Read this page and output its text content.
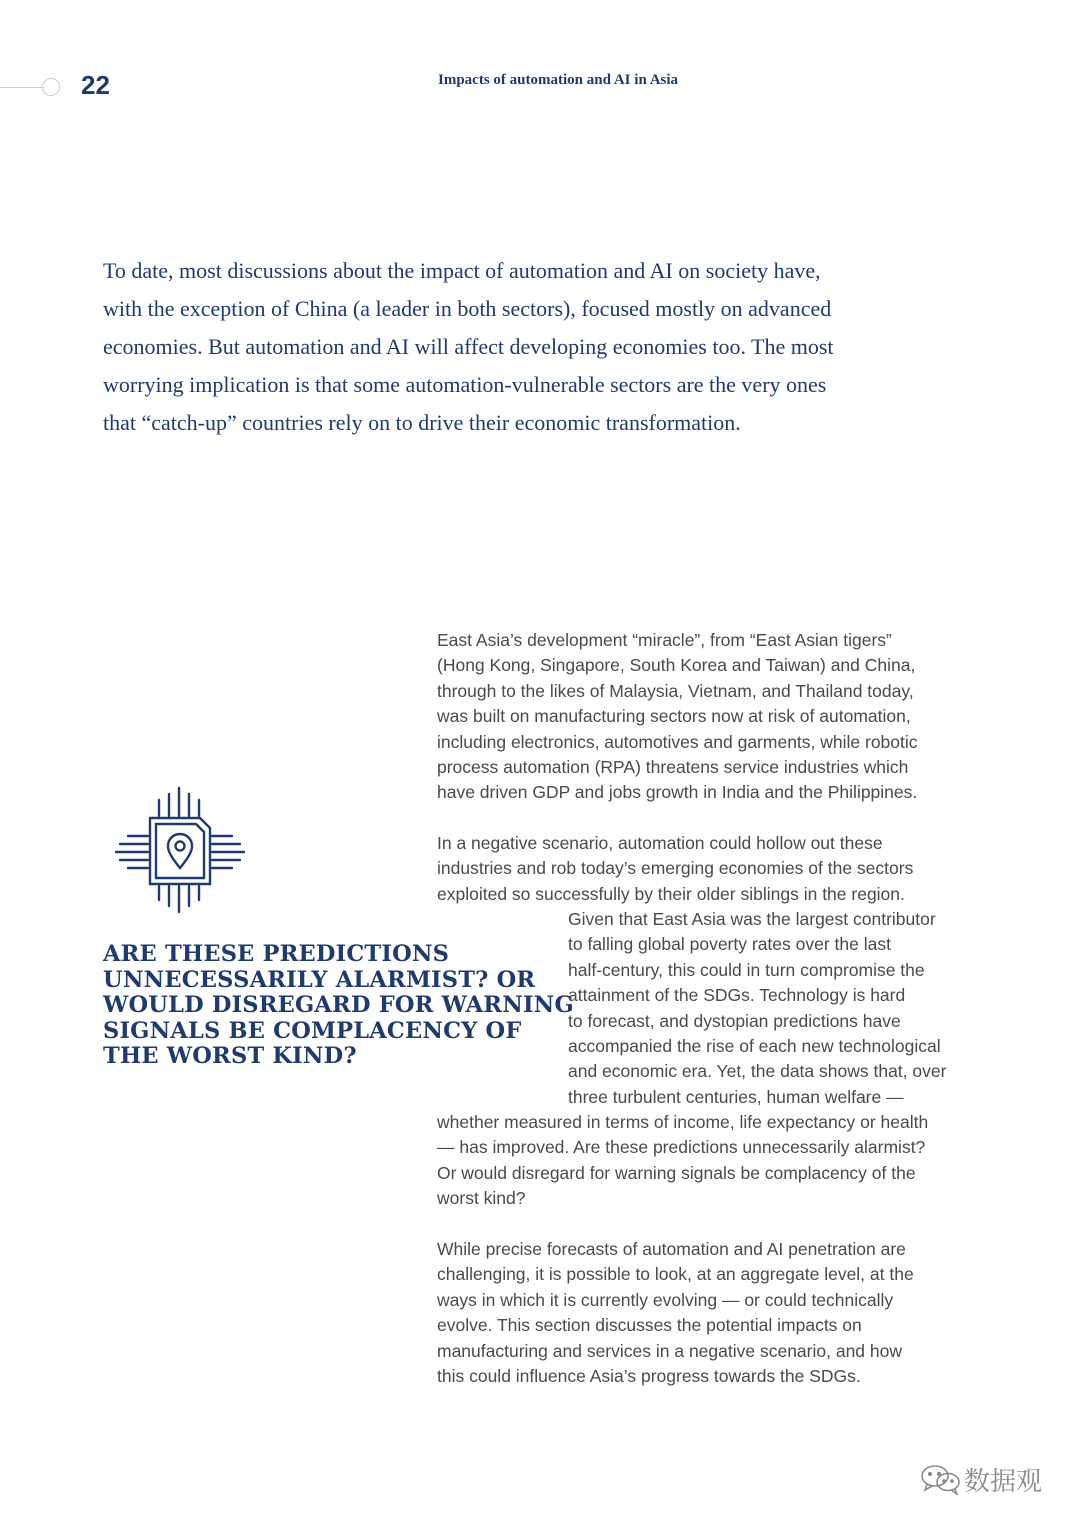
22	Impacts of automation and AI in Asia

To date, most discussions about the impact of automation and AI on society have,
with the exception of China (a leader in both sectors), focused mostly on advanced
economies. But automation and AI will affect developing economies too. The most
worrying implication is that some automation-vulnerable sectors are the very ones
that “catch-up” countries rely on to drive their economic transformation.

ARE THESE PREDICTIONS
UNNECESSARILY ALARMIST? OR
WOULD DISREGARD FOR WARNING
SIGNALS BE COMPLACENCY OF
THE WORST KIND?

East Asia’s development “miracle”, from “East Asian tigers”
(Hong Kong, Singapore, South Korea and Taiwan) and China,
through to the likes of Malaysia, Vietnam, and Thailand today,
was built on manufacturing sectors now at risk of automation,
including electronics, automotives and garments, while robotic
process automation (RPA) threatens service industries which
have driven GDP and jobs growth in India and the Philippines.

In a negative scenario, automation could hollow out these
industries and rob today’s emerging economies of the sectors
exploited so successfully by their older siblings in the region.

Given that East Asia was the largest contributor
to falling global poverty rates over the last
half-century, this could in turn compromise the
attainment of the SDGs. Technology is hard
to forecast, and dystopian predictions have
accompanied the rise of each new technological
and economic era. Yet, the data shows that, over
three turbulent centuries, human welfare —

whether measured in terms of income, life expectancy or health
— has improved. Are these predictions unnecessarily alarmist?
Or would disregard for warning signals be complacency of the
worst kind?

While precise forecasts of automation and AI penetration are
challenging, it is possible to look, at an aggregate level, at the
ways in which it is currently evolving — or could technically
evolve. This section discusses the potential impacts on
manufacturing and services in a negative scenario, and how
this could influence Asia’s progress towards the SDGs.

数据观
